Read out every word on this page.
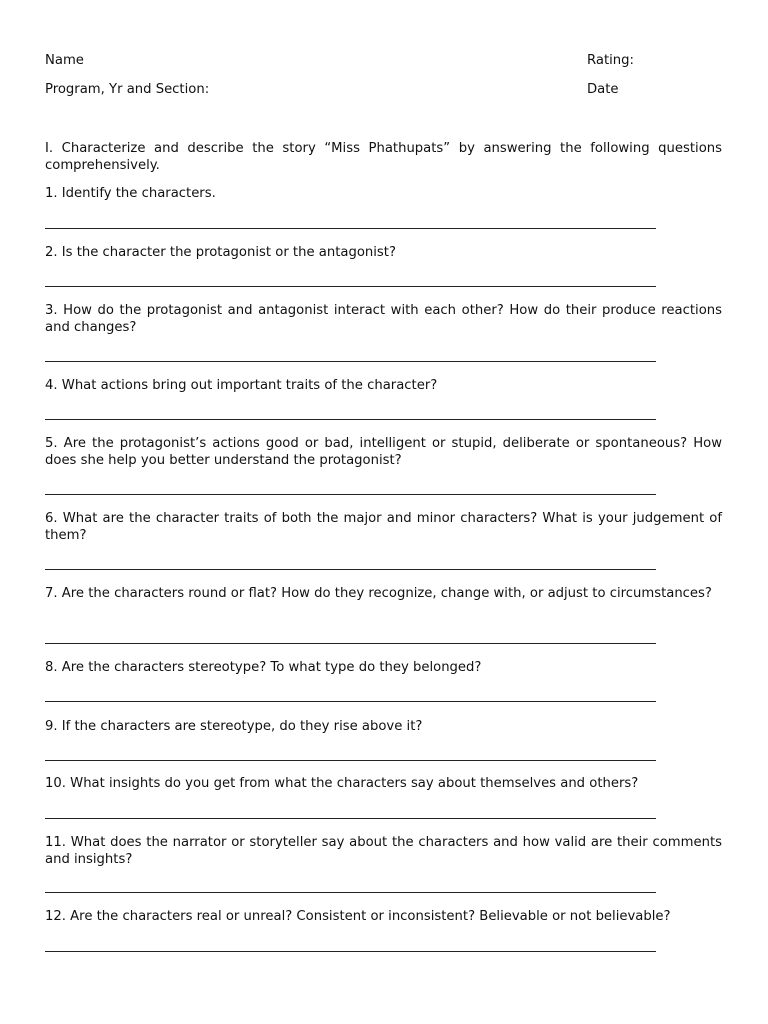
Name	Rating:
Program, Yr and Section:	Date
I. Characterize and describe the story “Miss Phathupats” by answering the following questions comprehensively.
1. Identify the characters.
2. Is the character the protagonist or the antagonist?
3. How do the protagonist and antagonist interact with each other? How do their produce reactions and changes?
4. What actions bring out important traits of the character?
5. Are the protagonist’s actions good or bad, intelligent or stupid, deliberate or spontaneous? How does she help you better understand the protagonist?
6. What are the character traits of both the major and minor characters? What is your judgement of them?
7. Are the characters round or flat? How do they recognize, change with, or adjust to circumstances?
8. Are the characters stereotype? To what type do they belonged?
9. If the characters are stereotype, do they rise above it?
10. What insights do you get from what the characters say about themselves and others?
11. What does the narrator or storyteller say about the characters and how valid are their comments and insights?
12. Are the characters real or unreal? Consistent or inconsistent? Believable or not believable?
